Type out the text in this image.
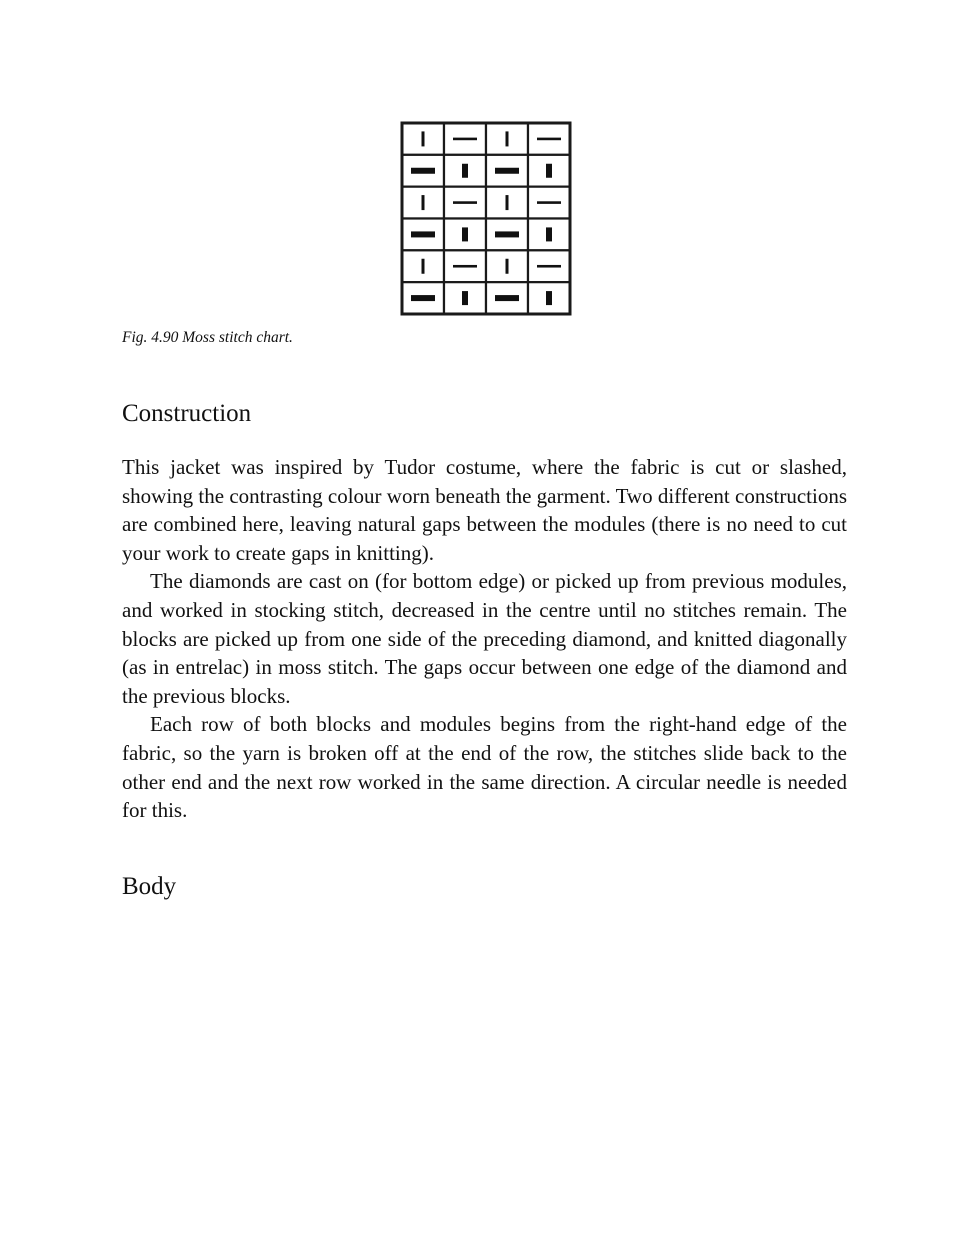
Fig. 4.90 Moss stitch chart.

Construction

This jacket was inspired by Tudor costume, where the fabric is cut or slashed, showing the contrasting colour worn beneath the garment. Two different constructions are combined here, leaving natural gaps between the modules (there is no need to cut your work to create gaps in knitting).

The diamonds are cast on (for bottom edge) or picked up from previous modules, and worked in stocking stitch, decreased in the centre until no stitches remain. The blocks are picked up from one side of the preceding diamond, and knitted diagonally (as in entrelac) in moss stitch. The gaps occur between one edge of the diamond and the previous blocks.

Each row of both blocks and modules begins from the right-hand edge of the fabric, so the yarn is broken off at the end of the row, the stitches slide back to the other end and the next row worked in the same direction. A circular needle is needed for this.

Body
